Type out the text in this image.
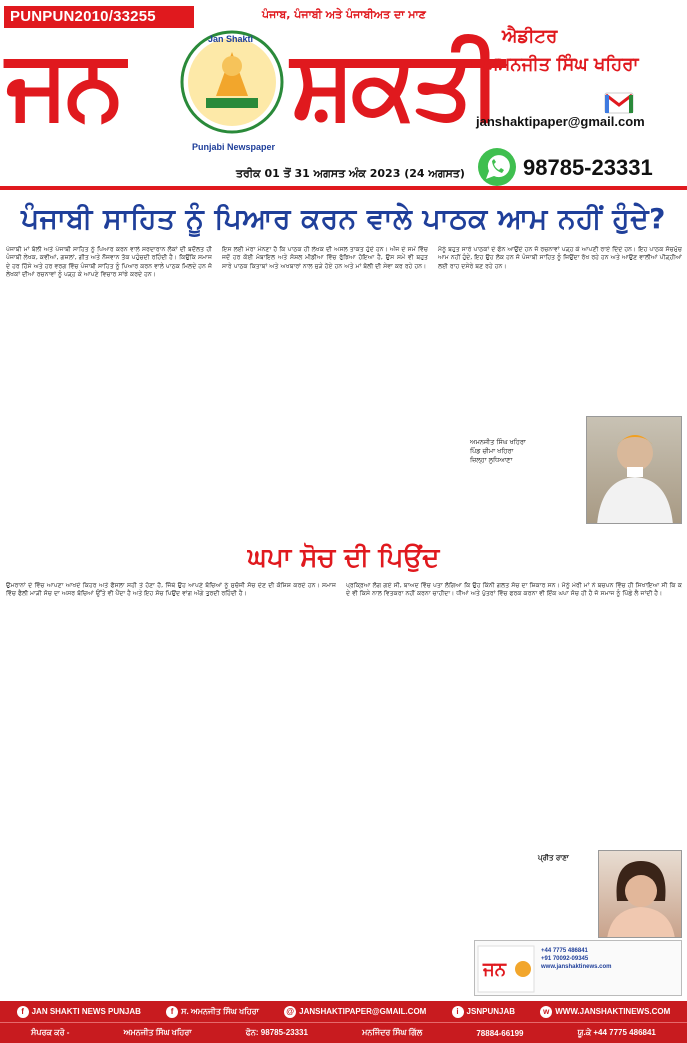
PUNPUN2010/33255	ਪੰਜਾਬ, ਪੰਜਾਬੀ ਅਤੇ ਪੰਜਾਬੀਅਤ ਦਾ ਮਾਣ
ਜਨ ਸ਼ਕਤੀ
Jan Shakti
Punjabi Newspaper
ਤਰੀਕ 01 ਤੋਂ 31 ਅਗਸਤ ਅੰਕ 2023 (24 ਅਗਸਤ)
ਐਡੀਟਰ
ਅਮਨਜੀਤ ਸਿੰਘ ਖਹਿਰਾ
janshaktipaper@gmail.com
98785-23331
ਪੰਜਾਬੀ ਸਾਹਿਤ ਨੂੰ ਪਿਆਰ ਕਰਨ ਵਾਲੇ ਪਾਠਕ ਆਮ ਨਹੀਂ ਹੁੰਦੇ?

ਪੰਜਾਬੀ ਮਾਂ ਬੋਲੀ ਅਤੇ ਪੰਜਾਬੀ ਸਾਹਿਤ ਨੂੰ ਪਿਆਰ ਕਰਨ ਵਾਲੇ ਸਰਦਾਰਾਨ ਲੋਕਾਂ ਦੀ ਬਦੌਲਤ ਹੀ ਪੰਜਾਬੀ ਲੇਖਕ, ਕਵੀਆਂ, ਗਜ਼ਲਾਂ, ਗੀਤ ਅਤੇ ਨੌਜਵਾਨ ਤੱਕ ਪਹੁੰਚਦੀ ਰਹਿੰਦੀ ਹੈ। ਕਿਉਂਕਿ ਸਮਾਜ ਦੇ ਹਰ ਹਿੱਸੇ ਅਤੇ ਹਰ ਵਰਗ ਵਿੱਚ ਪੰਜਾਬੀ ਸਾਹਿਤ ਨੂੰ ਪਿਆਰ ਕਰਨ ਵਾਲੇ ਪਾਠਕ ਮਿਲਦੇ ਹਨ ਜੋ ਲੇਖਕਾਂ ਦੀਆਂ ਰਚਨਾਵਾਂ ਨੂੰ ਪੜ੍ਹ ਕੇ ਆਪਣੇ ਵਿਚਾਰ ਸਾਂਝੇ ਕਰਦੇ ਹਨ।

ਇਸ ਲਈ ਮੇਰਾ ਮੰਨਣਾ ਹੈ ਕਿ ਪਾਠਕ ਹੀ ਲੇਖਕ ਦੀ ਅਸਲ ਤਾਕਤ ਹੁੰਦੇ ਹਨ। ਅੱਜ ਦੇ ਸਮੇਂ ਵਿੱਚ ਜਦੋਂ ਹਰ ਕੋਈ ਮੋਬਾਇਲ ਅਤੇ ਸੋਸ਼ਲ ਮੀਡੀਆ ਵਿੱਚ ਰੁੱਝਿਆ ਹੋਇਆ ਹੈ, ਉਸ ਸਮੇਂ ਵੀ ਬਹੁਤ ਸਾਰੇ ਪਾਠਕ ਕਿਤਾਬਾਂ ਅਤੇ ਅਖਬਾਰਾਂ ਨਾਲ ਜੁੜੇ ਹੋਏ ਹਨ ਅਤੇ ਮਾਂ ਬੋਲੀ ਦੀ ਸੇਵਾ ਕਰ ਰਹੇ ਹਨ।

ਮੈਨੂੰ ਬਹੁਤ ਸਾਰੇ ਪਾਠਕਾਂ ਦੇ ਫੋਨ ਆਉਂਦੇ ਹਨ ਜੋ ਰਚਨਾਵਾਂ ਪੜ੍ਹ ਕੇ ਆਪਣੀ ਰਾਏ ਦਿੰਦੇ ਹਨ। ਇਹ ਪਾਠਕ ਸੱਚਮੁੱਚ ਆਮ ਨਹੀਂ ਹੁੰਦੇ, ਇਹ ਉਹ ਲੋਕ ਹਨ ਜੋ ਪੰਜਾਬੀ ਸਾਹਿਤ ਨੂੰ ਜਿਉਂਦਾ ਰੱਖ ਰਹੇ ਹਨ ਅਤੇ ਆਉਣ ਵਾਲੀਆਂ ਪੀੜ੍ਹੀਆਂ ਲਈ ਰਾਹ ਦਸੇਰੇ ਬਣ ਰਹੇ ਹਨ।

ਅਮਨਜੀਤ ਸਿੰਘ ਖਹਿਰਾ
ਪਿੰਡ ਚੀਮਾ ਖਹਿਰਾ
ਜ਼ਿਲ੍ਹਾ ਲੁਧਿਆਣਾ
ਘਪਾ ਸੋਚ ਦੀ ਪਿਉਂਦ

ਉਮਰਾਨਾਂ ਦੇ ਵਿੱਚ ਆਪਣਾ ਆਖਦੇ ਕਿਹਰ ਅਤੇ ਫੈਸਲਾ ਸਹੀ ਤੇ ਹੋਣਾ ਹੈ, ਜਿੱਥੇ ਉਹ ਆਪਣੇ ਬੱਚਿਆਂ ਨੂੰ ਸੁਚੱਜੀ ਸੋਚ ਦੇਣ ਦੀ ਕੋਸ਼ਿਸ਼ ਕਰਦੇ ਹਨ। ਸਮਾਜ ਵਿੱਚ ਫੈਲੀ ਮਾੜੀ ਸੋਚ ਦਾ ਅਸਰ ਬੱਚਿਆਂ ਉੱਤੇ ਵੀ ਪੈਂਦਾ ਹੈ ਅਤੇ ਇਹ ਸੋਚ ਪਿਉਂਦ ਵਾਂਗ ਅੱਗੇ ਤੁਰਦੀ ਰਹਿੰਦੀ ਹੈ।

ਪ੍ਰਕ੍ਰਿਆ ਲੱਗ ਗਏ ਸੀ, ਬਾਅਦ ਵਿੱਚ ਪਤਾ ਲੱਗਿਆ ਕਿ ਉਹ ਕਿੰਨੀ ਗਲਤ ਸੋਚ ਦਾ ਸ਼ਿਕਾਰ ਸਨ। ਮੈਨੂੰ ਮੇਰੀ ਮਾਂ ਨੇ ਬਚਪਨ ਵਿੱਚ ਹੀ ਸਿਖਾਇਆ ਸੀ ਕਿ ਕਦੇ ਵੀ ਕਿਸੇ ਨਾਲ ਵਿਤਕਰਾ ਨਹੀਂ ਕਰਨਾ ਚਾਹੀਦਾ। ਧੀਆਂ ਅਤੇ ਪੁੱਤਰਾਂ ਵਿੱਚ ਫਰਕ ਕਰਨਾ ਵੀ ਇੱਕ ਘਪਾ ਸੋਚ ਹੀ ਹੈ ਜੋ ਸਮਾਜ ਨੂੰ ਪਿੱਛੇ ਲੈ ਜਾਂਦੀ ਹੈ।

ਪ੍ਰੀਤ ਰਾਣਾ
ਜਨ
+44 7775 486841
+91 70092-09345
www.janshaktinews.com
f JAN SHAKTI NEWS PUNJAB	f ਸ. ਅਮਨਜੀਤ ਸਿੰਘ ਖਹਿਰਾ	@ JANSHAKTIPAPER@GMAIL.COM	i JSNPUNJAB	w WWW.JANSHAKTINEWS.COM
ਸੰਪਰਕ ਕਰੋ -	ਅਮਨਜੀਤ ਸਿੰਘ ਖਹਿਰਾ	ਫੋਨ: 98785-23331	ਮਨਜਿੰਦਰ ਸਿੰਘ ਗਿੱਲ	78884-66199	ਯੂ.ਕੇ +44 7775 486841
